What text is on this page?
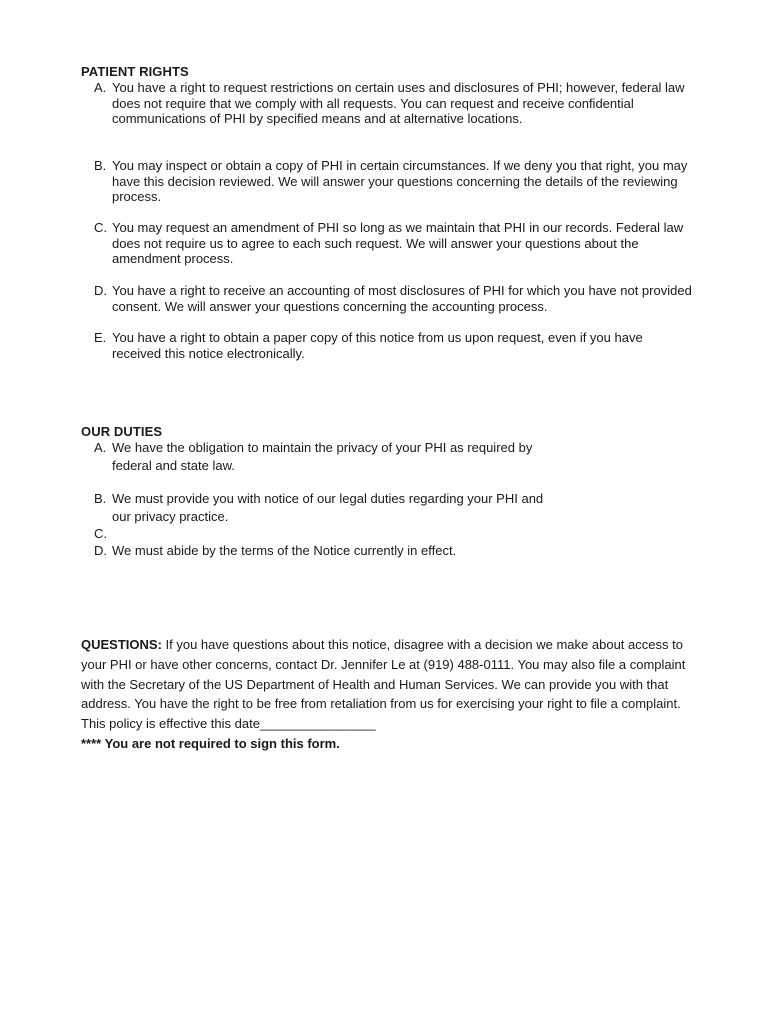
PATIENT RIGHTS
A. You have a right to request restrictions on certain uses and disclosures of PHI; however, federal law does not require that we comply with all requests. You can request and receive confidential communications of PHI by specified means and at alternative locations.
B. You may inspect or obtain a copy of PHI in certain circumstances. If we deny you that right, you may have this decision reviewed. We will answer your questions concerning the details of the reviewing process.
C. You may request an amendment of PHI so long as we maintain that PHI in our records. Federal law does not require us to agree to each such request. We will answer your questions about the amendment process.
D. You have a right to receive an accounting of most disclosures of PHI for which you have not provided consent. We will answer your questions concerning the accounting process.
E. You have a right to obtain a paper copy of this notice from us upon request, even if you have received this notice electronically.
OUR DUTIES
A. We have the obligation to maintain the privacy of your PHI as required by federal and state law.
B. We must provide you with notice of our legal duties regarding your PHI and our privacy practice.
C.
D. We must abide by the terms of the Notice currently in effect.
QUESTIONS: If you have questions about this notice, disagree with a decision we make about access to your PHI or have other concerns, contact Dr. Jennifer Le at (919) 488-0111. You may also file a complaint with the Secretary of the US Department of Health and Human Services. We can provide you with that address. You have the right to be free from retaliation from us for exercising your right to file a complaint. This policy is effective this date________________
**** You are not required to sign this form.
